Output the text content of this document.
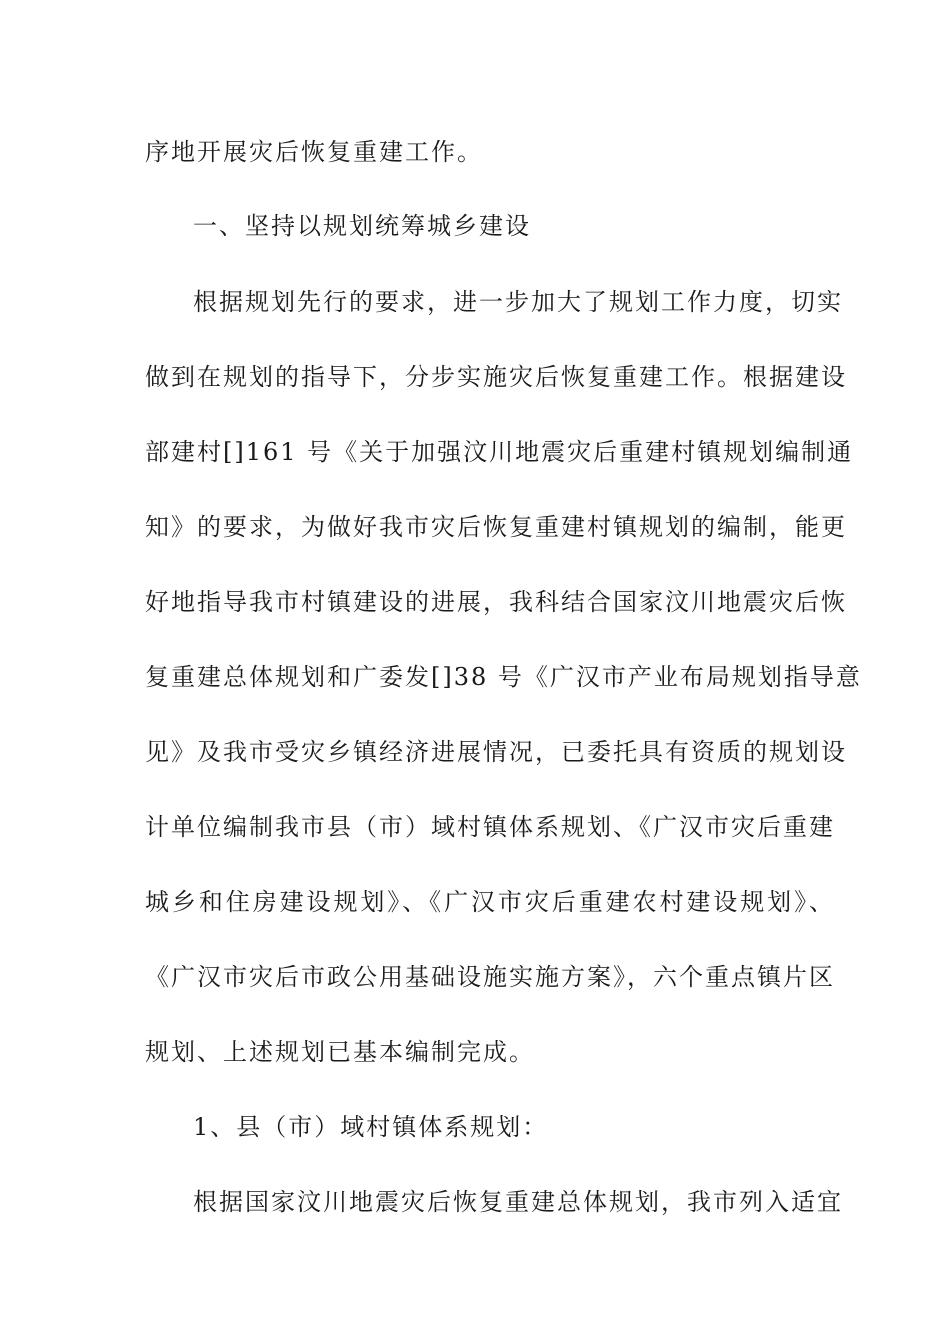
序地开展灾后恢复重建工作。
一、坚持以规划统筹城乡建设
根据规划先行的要求，进一步加大了规划工作力度，切实
做到在规划的指导下，分步实施灾后恢复重建工作。根据建设
部建村[]161 号《关于加强汶川地震灾后重建村镇规划编制通
知》的要求，为做好我市灾后恢复重建村镇规划的编制，能更
好地指导我市村镇建设的进展，我科结合国家汶川地震灾后恢
复重建总体规划和广委发[]38 号《广汉市产业布局规划指导意
见》及我市受灾乡镇经济进展情况，已委托具有资质的规划设
计单位编制我市县（市）域村镇体系规划、《广汉市灾后重建
城乡和住房建设规划》、《广汉市灾后重建农村建设规划》、
《广汉市灾后市政公用基础设施实施方案》，六个重点镇片区
规划、上述规划已基本编制完成。
1、县（市）域村镇体系规划：
根据国家汶川地震灾后恢复重建总体规划，我市列入适宜
